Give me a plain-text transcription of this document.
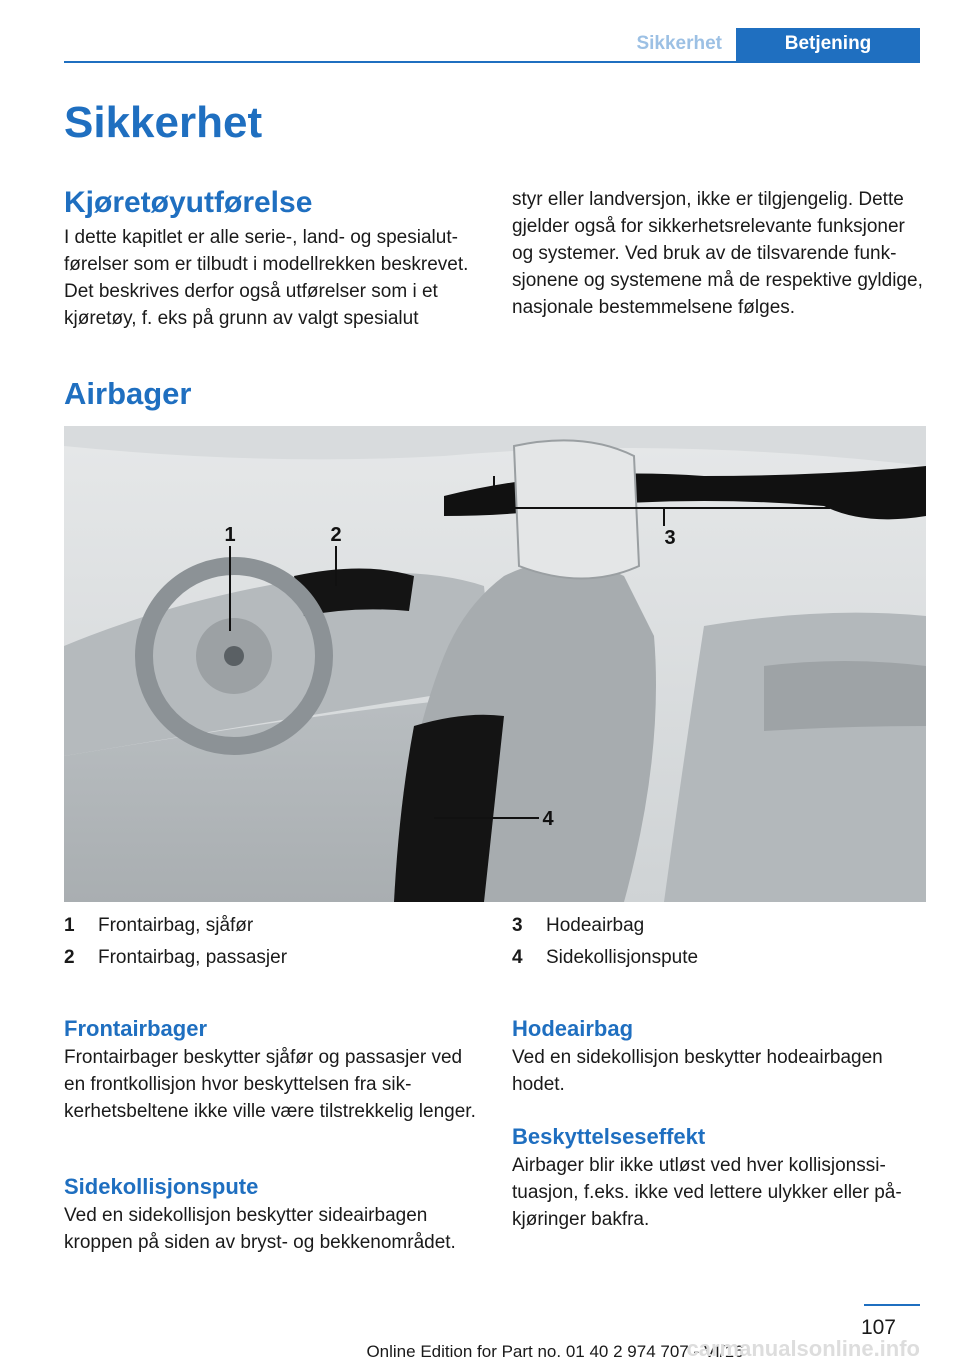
Sikkerhet	Betjening
Sikkerhet
Kjøretøyutførelse

I dette kapitlet er alle serie-, land- og spesialutførelser som er tilbudt i modellrekken beskrevet. Det beskrives derfor også utførelser som i et kjøretøy, f. eks på grunn av valgt spesialut

styr eller landversjon, ikke er tilgjengelig. Dette gjelder også for sikkerhetsrelevante funksjoner og systemer. Ved bruk av de tilsvarende funksjonene og systemene må de respektive gyldige, nasjonale bestemmelsene følges.

Airbager
1	2	3
4
1 Frontairbag, sjåfør
2 Frontairbag, passasjer
3 Hodeairbag
4 Sidekollisjonspute
Frontairbager

Frontairbager beskytter sjåfør og passasjer ved en frontkollisjon hvor beskyttelsen fra sikkerhetsbeltene ikke ville være tilstrekkelig lenger.

Sidekollisjonspute

Ved en sidekollisjon beskytter sideairbagen kroppen på siden av bryst- og bekkenområdet.

Hodeairbag

Ved en sidekollisjon beskytter hodeairbagen hodet.

Beskyttelseseffekt

Airbager blir ikke utløst ved hver kollisjonssituasjon, f.eks. ikke ved lettere ulykker eller påkjøringer bakfra.

107
Online Edition for Part no. 01 40 2 974 707 - VI/16
carmanualsonline.info
